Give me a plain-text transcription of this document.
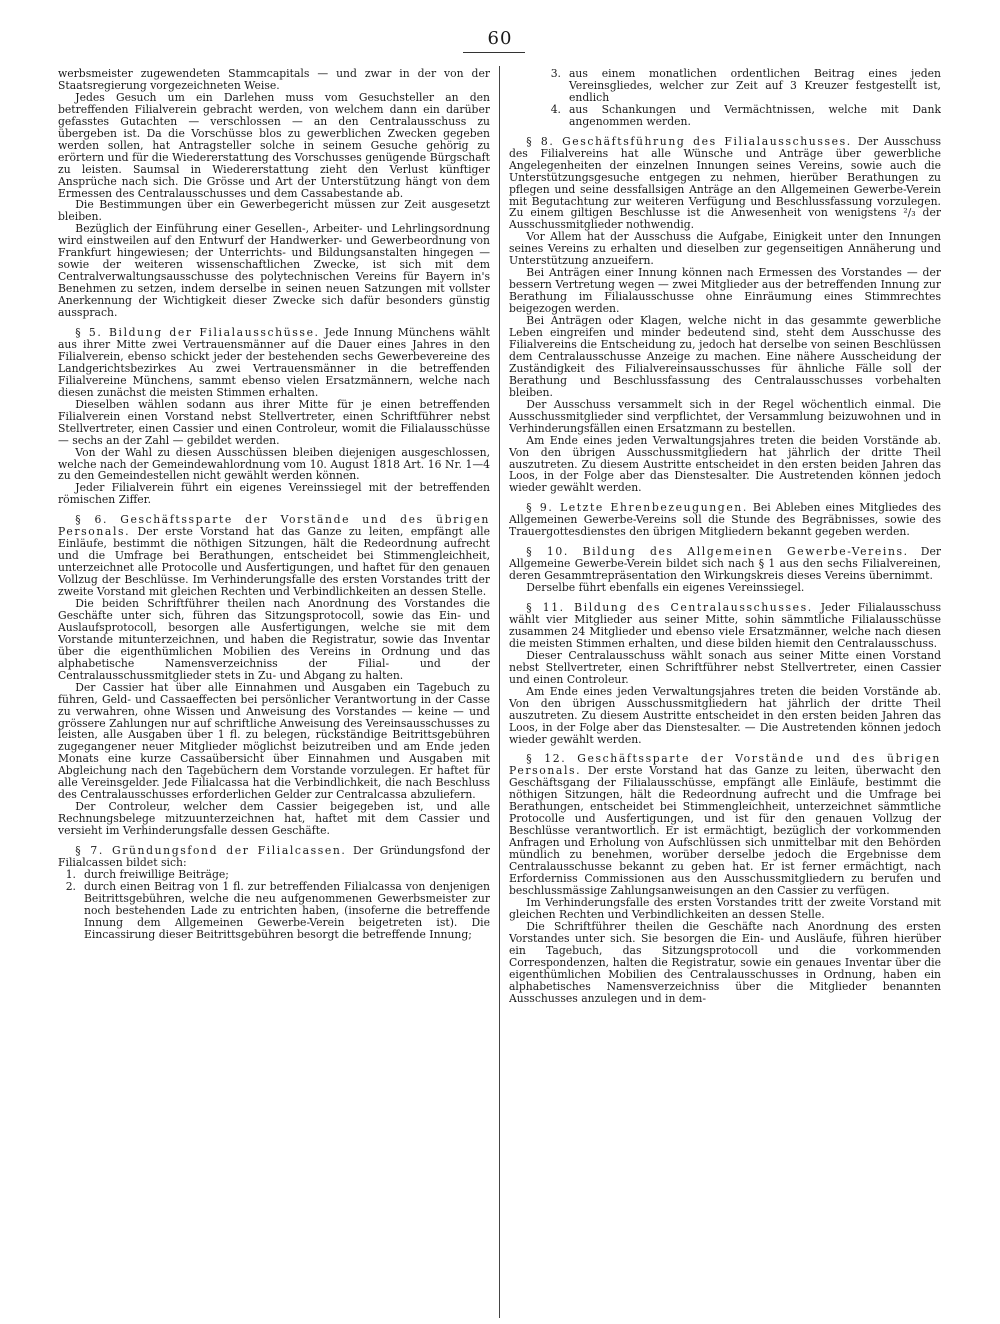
60

werbsmeister zugewendeten Stammcapitals — und zwar in der von der Staatsregierung vorgezeichneten Weise.

Jedes Gesuch um ein Darlehen muss vom Gesuchsteller an den betreffenden Filialverein gebracht werden, von welchem dann ein darüber gefasstes Gutachten — verschlossen — an den Centralausschuss zu übergeben ist. Da die Vorschüsse blos zu gewerblichen Zwecken gegeben werden sollen, hat Antragsteller solche in seinem Gesuche gehörig zu erörtern und für die Wiedererstattung des Vorschusses genügende Bürgschaft zu leisten. Saumsal in Wiedererstattung zieht den Verlust künftiger Ansprüche nach sich. Die Grösse und Art der Unterstützung hängt von dem Ermessen des Centralausschusses und dem Cassabestande ab.

Die Bestimmungen über ein Gewerbegericht müssen zur Zeit ausgesetzt bleiben.

Bezüglich der Einführung einer Gesellen-, Arbeiter- und Lehrlingsordnung wird einstweilen auf den Entwurf der Handwerker- und Gewerbeordnung von Frankfurt hingewiesen; der Unterrichts- und Bildungsanstalten hingegen — sowie der weiteren wissenschaftlichen Zwecke, ist sich mit dem Centralverwaltungsausschusse des polytechnischen Vereins für Bayern in's Benehmen zu setzen, indem derselbe in seinen neuen Satzungen mit vollster Anerkennung der Wichtigkeit dieser Zwecke sich dafür besonders günstig aussprach.

§ 5. Bildung der Filialausschüsse. Jede Innung Münchens wählt aus ihrer Mitte zwei Vertrauensmänner auf die Dauer eines Jahres in den Filialverein, ebenso schickt jeder der bestehenden sechs Gewerbevereine des Landgerichtsbezirkes Au zwei Vertrauensmänner in die betreffenden Filialvereine Münchens, sammt ebenso vielen Ersatzmännern, welche nach diesen zunächst die meisten Stimmen erhalten.

Dieselben wählen sodann aus ihrer Mitte für je einen betreffenden Filialverein einen Vorstand nebst Stellvertreter, einen Schriftführer nebst Stellvertreter, einen Cassier und einen Controleur, womit die Filialausschüsse — sechs an der Zahl — gebildet werden.

Von der Wahl zu diesen Ausschüssen bleiben diejenigen ausgeschlossen, welche nach der Gemeindewahlordnung vom 10. August 1818 Art. 16 Nr. 1—4 zu den Gemeindestellen nicht gewählt werden können.

Jeder Filialverein führt ein eigenes Vereinssiegel mit der betreffenden römischen Ziffer.

§ 6. Geschäftssparte der Vorstände und des übrigen Personals. Der erste Vorstand hat das Ganze zu leiten, empfängt alle Einläufe, bestimmt die nöthigen Sitzungen, hält die Redeordnung aufrecht und die Umfrage bei Berathungen, entscheidet bei Stimmengleichheit, unterzeichnet alle Protocolle und Ausfertigungen, und haftet für den genauen Vollzug der Beschlüsse. Im Verhinderungsfalle des ersten Vorstandes tritt der zweite Vorstand mit gleichen Rechten und Verbindlichkeiten an dessen Stelle.

Die beiden Schriftführer theilen nach Anordnung des Vorstandes die Geschäfte unter sich, führen das Sitzungsprotocoll, sowie das Ein- und Auslaufsprotocoll, besorgen alle Ausfertigungen, welche sie mit dem Vorstande mitunterzeichnen, und haben die Registratur, sowie das Inventar über die eigenthümlichen Mobilien des Vereins in Ordnung und das alphabetische Namensverzeichniss der Filial- und der Centralausschussmitglieder stets in Zu- und Abgang zu halten.

Der Cassier hat über alle Einnahmen und Ausgaben ein Tagebuch zu führen, Geld- und Cassaeffecten bei persönlicher Verantwortung in der Casse zu verwahren, ohne Wissen und Anweisung des Vorstandes — keine — und grössere Zahlungen nur auf schriftliche Anweisung des Vereinsausschusses zu leisten, alle Ausgaben über 1 fl. zu belegen, rückständige Beitrittsgebühren zugegangener neuer Mitglieder möglichst beizutreiben und am Ende jeden Monats eine kurze Cassaübersicht über Einnahmen und Ausgaben mit Abgleichung nach den Tagebüchern dem Vorstande vorzulegen. Er haftet für alle Vereinsgelder. Jede Filialcassa hat die Verbindlichkeit, die nach Beschluss des Centralausschusses erforderlichen Gelder zur Centralcassa abzuliefern.

Der Controleur, welcher dem Cassier beigegeben ist, und alle Rechnungsbelege mitzuunterzeichnen hat, haftet mit dem Cassier und versieht im Verhinderungsfalle dessen Geschäfte.

§ 7. Gründungsfond der Filialcassen. Der Gründungsfond der Filialcassen bildet sich:

1. durch freiwillige Beiträge;
2. durch einen Beitrag von 1 fl. zur betreffenden Filialcassa von denjenigen Beitrittsgebühren, welche die neu aufgenommenen Gewerbsmeister zur noch bestehenden Lade zu entrichten haben, (insoferne die betreffende Innung dem Allgemeinen Gewerbe-Verein beigetreten ist). Die Eincassirung dieser Beitrittsgebühren besorgt die betreffende Innung;
3. aus einem monatlichen ordentlichen Beitrag eines jeden Vereinsgliedes, welcher zur Zeit auf 3 Kreuzer festgestellt ist, endlich
4. aus Schankungen und Vermächtnissen, welche mit Dank angenommen werden.

§ 8. Geschäftsführung des Filialausschusses. Der Ausschuss des Filialvereins hat alle Wünsche und Anträge über gewerbliche Angelegenheiten der einzelnen Innungen seines Vereins, sowie auch die Unterstützungsgesuche entgegen zu nehmen, hierüber Berathungen zu pflegen und seine dessfallsigen Anträge an den Allgemeinen Gewerbe-Verein mit Begutachtung zur weiteren Verfügung und Beschlussfassung vorzulegen. Zu einem giltigen Beschlusse ist die Anwesenheit von wenigstens ²/₃ der Ausschussmitglieder nothwendig.

Vor Allem hat der Ausschuss die Aufgabe, Einigkeit unter den Innungen seines Vereins zu erhalten und dieselben zur gegenseitigen Annäherung und Unterstützung anzueifern.

Bei Anträgen einer Innung können nach Ermessen des Vorstandes — der bessern Vertretung wegen — zwei Mitglieder aus der betreffenden Innung zur Berathung im Filialausschusse ohne Einräumung eines Stimmrechtes beigezogen werden.

Bei Anträgen oder Klagen, welche nicht in das gesammte gewerbliche Leben eingreifen und minder bedeutend sind, steht dem Ausschusse des Filialvereins die Entscheidung zu, jedoch hat derselbe von seinen Beschlüssen dem Centralausschusse Anzeige zu machen. Eine nähere Ausscheidung der Zuständigkeit des Filialvereinsausschusses für ähnliche Fälle soll der Berathung und Beschlussfassung des Centralausschusses vorbehalten bleiben.

Der Ausschuss versammelt sich in der Regel wöchentlich einmal. Die Ausschussmitglieder sind verpflichtet, der Versammlung beizuwohnen und in Verhinderungsfällen einen Ersatzmann zu bestellen.

Am Ende eines jeden Verwaltungsjahres treten die beiden Vorstände ab. Von den übrigen Ausschussmitgliedern hat jährlich der dritte Theil auszutreten. Zu diesem Austritte entscheidet in den ersten beiden Jahren das Loos, in der Folge aber das Dienstesalter. Die Austretenden können jedoch wieder gewählt werden.

§ 9. Letzte Ehrenbezeugungen. Bei Ableben eines Mitgliedes des Allgemeinen Gewerbe-Vereins soll die Stunde des Begräbnisses, sowie des Trauergottesdienstes den übrigen Mitgliedern bekannt gegeben werden.

§ 10. Bildung des Allgemeinen Gewerbe-Vereins. Der Allgemeine Gewerbe-Verein bildet sich nach § 1 aus den sechs Filialvereinen, deren Gesammtrepräsentation den Wirkungskreis dieses Vereins übernimmt.

Derselbe führt ebenfalls ein eigenes Vereinssiegel.

§ 11. Bildung des Centralausschusses. Jeder Filialausschuss wählt vier Mitglieder aus seiner Mitte, sohin sämmtliche Filialausschüsse zusammen 24 Mitglieder und ebenso viele Ersatzmänner, welche nach diesen die meisten Stimmen erhalten, und diese bilden hiemit den Centralausschuss.

Dieser Centralausschuss wählt sonach aus seiner Mitte einen Vorstand nebst Stellvertreter, einen Schriftführer nebst Stellvertreter, einen Cassier und einen Controleur.

Am Ende eines jeden Verwaltungsjahres treten die beiden Vorstände ab. Von den übrigen Ausschussmitgliedern hat jährlich der dritte Theil auszutreten. Zu diesem Austritte entscheidet in den ersten beiden Jahren das Loos, in der Folge aber das Dienstesalter. — Die Austretenden können jedoch wieder gewählt werden.

§ 12. Geschäftssparte der Vorstände und des übrigen Personals. Der erste Vorstand hat das Ganze zu leiten, überwacht den Geschäftsgang der Filialausschüsse, empfängt alle Einläufe, bestimmt die nöthigen Sitzungen, hält die Redeordnung aufrecht und die Umfrage bei Berathungen, entscheidet bei Stimmengleichheit, unterzeichnet sämmtliche Protocolle und Ausfertigungen, und ist für den genauen Vollzug der Beschlüsse verantwortlich. Er ist ermächtigt, bezüglich der vorkommenden Anfragen und Erholung von Aufschlüssen sich unmittelbar mit den Behörden mündlich zu benehmen, worüber derselbe jedoch die Ergebnisse dem Centralausschusse bekannt zu geben hat. Er ist ferner ermächtigt, nach Erforderniss Commissionen aus den Ausschussmitgliedern zu berufen und beschlussmässige Zahlungsanweisungen an den Cassier zu verfügen.

Im Verhinderungsfalle des ersten Vorstandes tritt der zweite Vorstand mit gleichen Rechten und Verbindlichkeiten an dessen Stelle.

Die Schriftführer theilen die Geschäfte nach Anordnung des ersten Vorstandes unter sich. Sie besorgen die Ein- und Ausläufe, führen hierüber ein Tagebuch, das Sitzungsprotocoll und die vorkommenden Correspondenzen, halten die Registratur, sowie ein genaues Inventar über die eigenthümlichen Mobilien des Centralausschusses in Ordnung, haben ein alphabetisches Namensverzeichniss über die Mitglieder benannten Ausschusses anzulegen und in dem-
